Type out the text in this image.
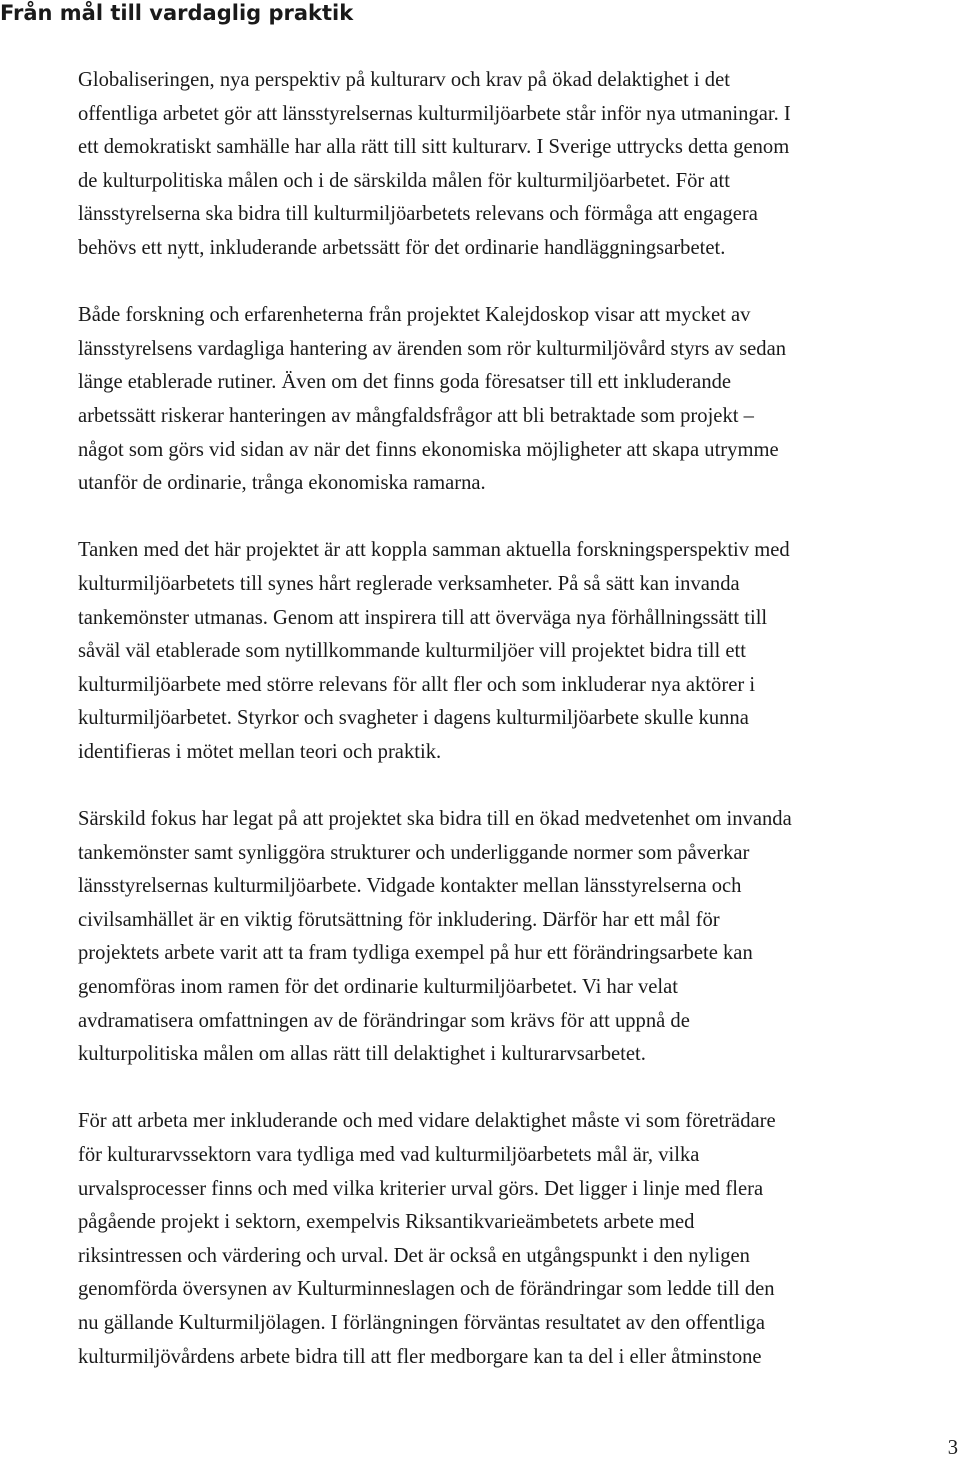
Från mål till vardaglig praktik

Globaliseringen, nya perspektiv på kulturarv och krav på ökad delaktighet i det
offentliga arbetet gör att länsstyrelsernas kulturmiljöarbete står inför nya utmaningar. I
ett demokratiskt samhälle har alla rätt till sitt kulturarv. I Sverige uttrycks detta genom
de kulturpolitiska målen och i de särskilda målen för kulturmiljöarbetet. För att
länsstyrelserna ska bidra till kulturmiljöarbetets relevans och förmåga att engagera
behövs ett nytt, inkluderande arbetssätt för det ordinarie handläggningsarbetet.

Både forskning och erfarenheterna från projektet Kalejdoskop visar att mycket av
länsstyrelsens vardagliga hantering av ärenden som rör kulturmiljövård styrs av sedan
länge etablerade rutiner. Även om det finns goda föresatser till ett inkluderande
arbetssätt riskerar hanteringen av mångfaldsfrågor att bli betraktade som projekt –
något som görs vid sidan av när det finns ekonomiska möjligheter att skapa utrymme
utanför de ordinarie, trånga ekonomiska ramarna.

Tanken med det här projektet är att koppla samman aktuella forskningsperspektiv med
kulturmiljöarbetets till synes hårt reglerade verksamheter. På så sätt kan invanda
tankemönster utmanas. Genom att inspirera till att överväga nya förhållningssätt till
såväl väl etablerade som nytillkommande kulturmiljöer vill projektet bidra till ett
kulturmiljöarbete med större relevans för allt fler och som inkluderar nya aktörer i
kulturmiljöarbetet. Styrkor och svagheter i dagens kulturmiljöarbete skulle kunna
identifieras i mötet mellan teori och praktik.

Särskild fokus har legat på att projektet ska bidra till en ökad medvetenhet om invanda
tankemönster samt synliggöra strukturer och underliggande normer som påverkar
länsstyrelsernas kulturmiljöarbete. Vidgade kontakter mellan länsstyrelserna och
civilsamhället är en viktig förutsättning för inkludering. Därför har ett mål för
projektets arbete varit att ta fram tydliga exempel på hur ett förändringsarbete kan
genomföras inom ramen för det ordinarie kulturmiljöarbetet. Vi har velat
avdramatisera omfattningen av de förändringar som krävs för att uppnå de
kulturpolitiska målen om allas rätt till delaktighet i kulturarvsarbetet.

För att arbeta mer inkluderande och med vidare delaktighet måste vi som företrädare
för kulturarvssektorn vara tydliga med vad kulturmiljöarbetets mål är, vilka
urvalsprocesser finns och med vilka kriterier urval görs. Det ligger i linje med flera
pågående projekt i sektorn, exempelvis Riksantikvarieämbetets arbete med
riksintressen och värdering och urval. Det är också en utgångspunkt i den nyligen
genomförda översynen av Kulturminneslagen och de förändringar som ledde till den
nu gällande Kulturmiljölagen. I förlängningen förväntas resultatet av den offentliga
kulturmiljövårdens arbete bidra till att fler medborgare kan ta del i eller åtminstone

3
